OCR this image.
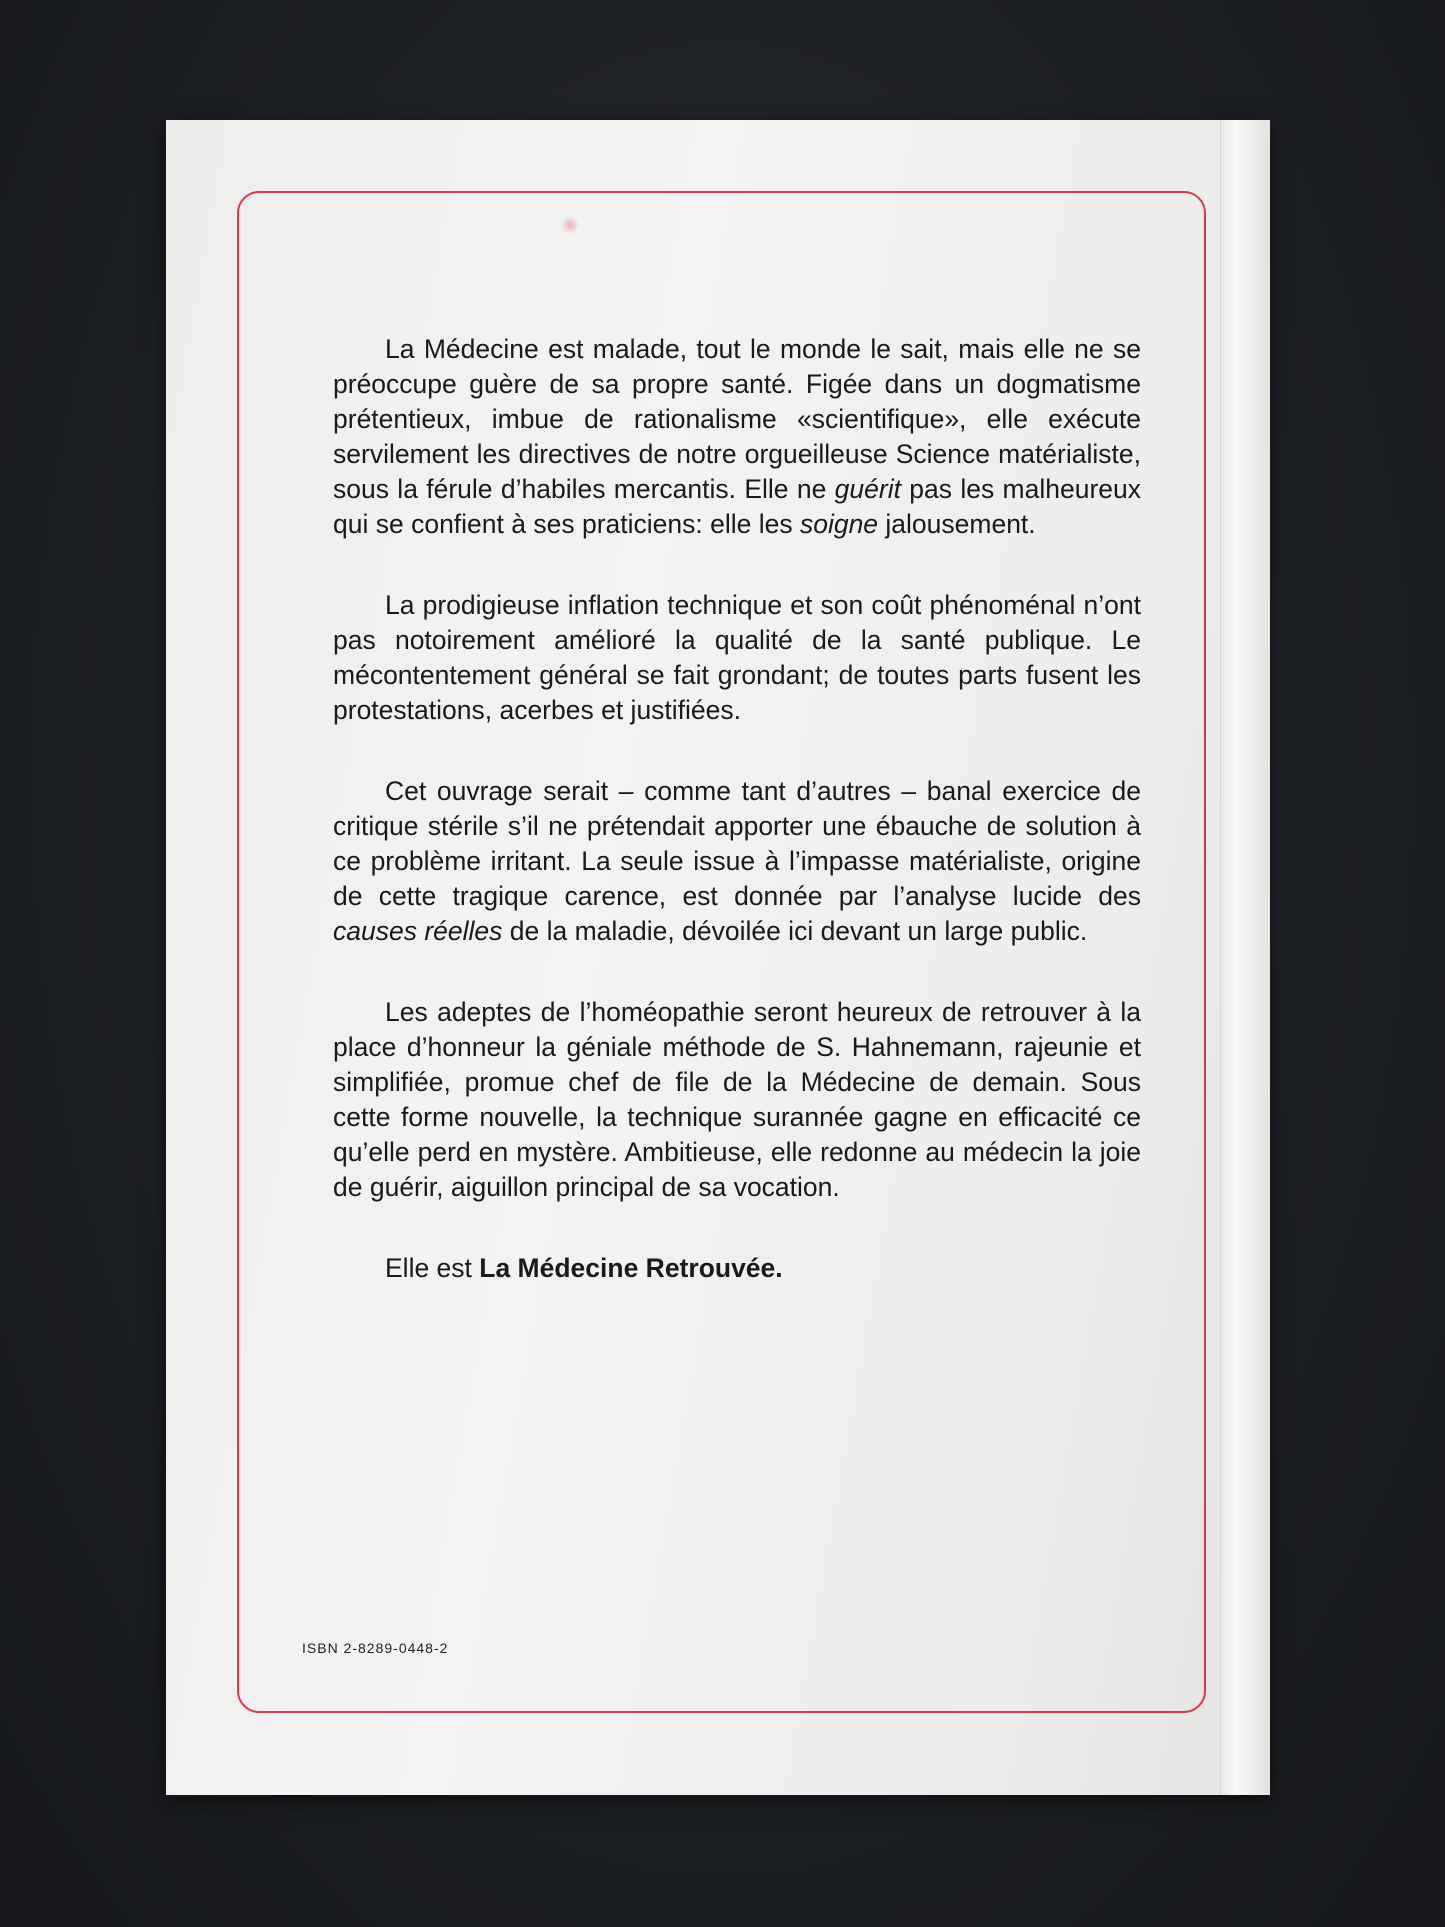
La Médecine est malade, tout le monde le sait, mais elle ne se préoccupe guère de sa propre santé. Figée dans un dogmatisme prétentieux, imbue de rationalisme «scientifique», elle exécute servilement les directives de notre orgueilleuse Science matérialiste, sous la férule d’habiles mercantis. Elle ne guérit pas les malheureux qui se confient à ses praticiens: elle les soigne jalousement.

La prodigieuse inflation technique et son coût phénoménal n’ont pas notoirement amélioré la qualité de la santé publique. Le mécontentement général se fait grondant; de toutes parts fusent les protestations, acerbes et justifiées.

Cet ouvrage serait – comme tant d’autres – banal exercice de critique stérile s’il ne prétendait apporter une ébauche de solution à ce problème irritant. La seule issue à l’impasse matérialiste, origine de cette tragique carence, est donnée par l’analyse lucide des causes réelles de la maladie, dévoilée ici devant un large public.

Les adeptes de l’homéopathie seront heureux de retrouver à la place d’honneur la géniale méthode de S. Hahnemann, rajeunie et simplifiée, promue chef de file de la Médecine de demain. Sous cette forme nouvelle, la technique surannée gagne en efficacité ce qu’elle perd en mystère. Ambitieuse, elle redonne au médecin la joie de guérir, aiguillon principal de sa vocation.

Elle est La Médecine Retrouvée.

ISBN 2-8289-0448-2
